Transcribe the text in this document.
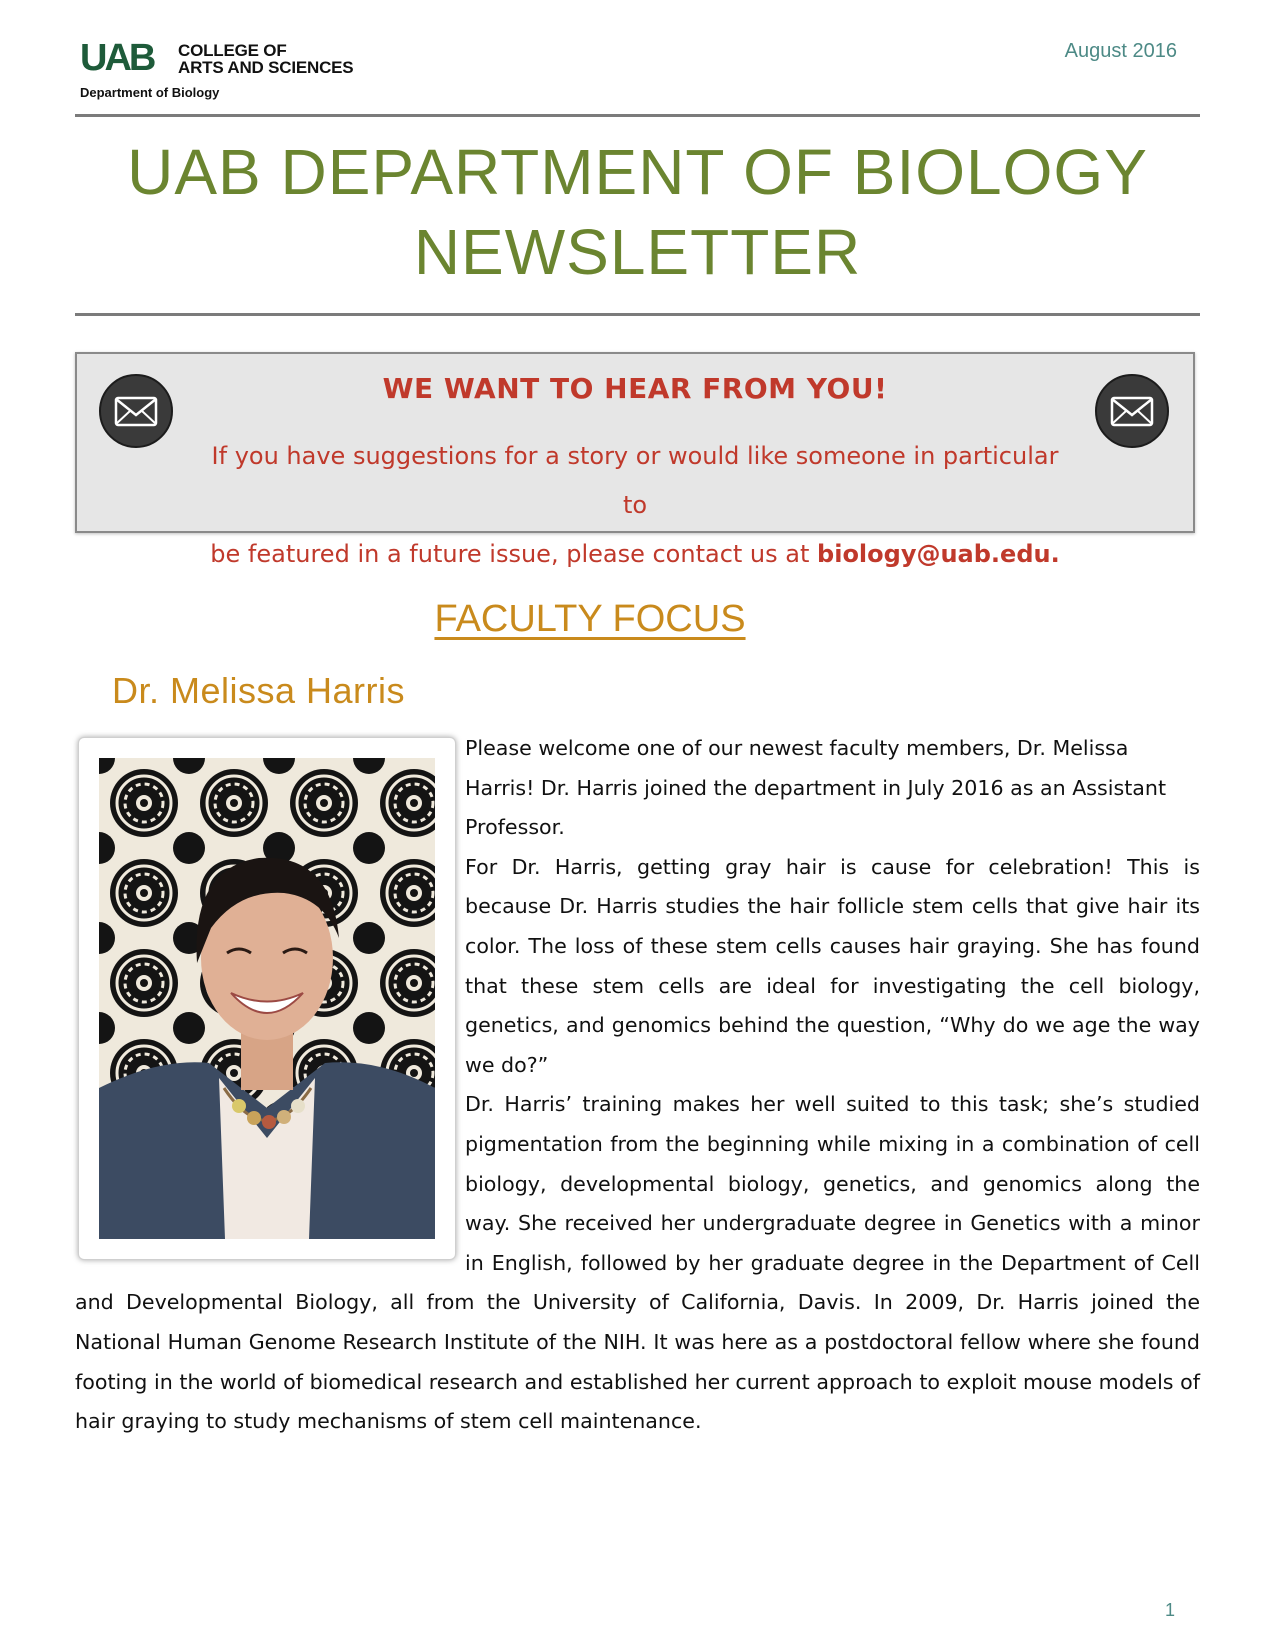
UAB COLLEGE OF
ARTS AND SCIENCES
Department of Biology
August 2016
UAB DEPARTMENT OF BIOLOGY
NEWSLETTER
WE WANT TO HEAR FROM YOU!
If you have suggestions for a story or would like someone in particular to
be featured in a future issue, please contact us at biology@uab.edu.
FACULTY FOCUS
Dr. Melissa Harris

Please welcome one of our newest faculty members, Dr. Melissa Harris! Dr. Harris joined the department in July 2016 as an Assistant Professor.

For Dr. Harris, getting gray hair is cause for celebration! This is because Dr. Harris studies the hair follicle stem cells that give hair its color. The loss of these stem cells causes hair graying. She has found that these stem cells are ideal for investigating the cell biology, genetics, and genomics behind the question, “Why do we age the way we do?”

Dr. Harris’ training makes her well suited to this task; she’s studied pigmentation from the beginning while mixing in a combination of cell biology, developmental biology, genetics, and genomics along the way. She received her undergraduate degree in Genetics with a minor in English, followed by her graduate degree in the Department of Cell and Developmental Biology, all from the University of California, Davis. In 2009, Dr. Harris joined the National Human Genome Research Institute of the NIH. It was here as a postdoctoral fellow where she found footing in the world of biomedical research and established her current approach to exploit mouse models of hair graying to study mechanisms of stem cell maintenance.

1
